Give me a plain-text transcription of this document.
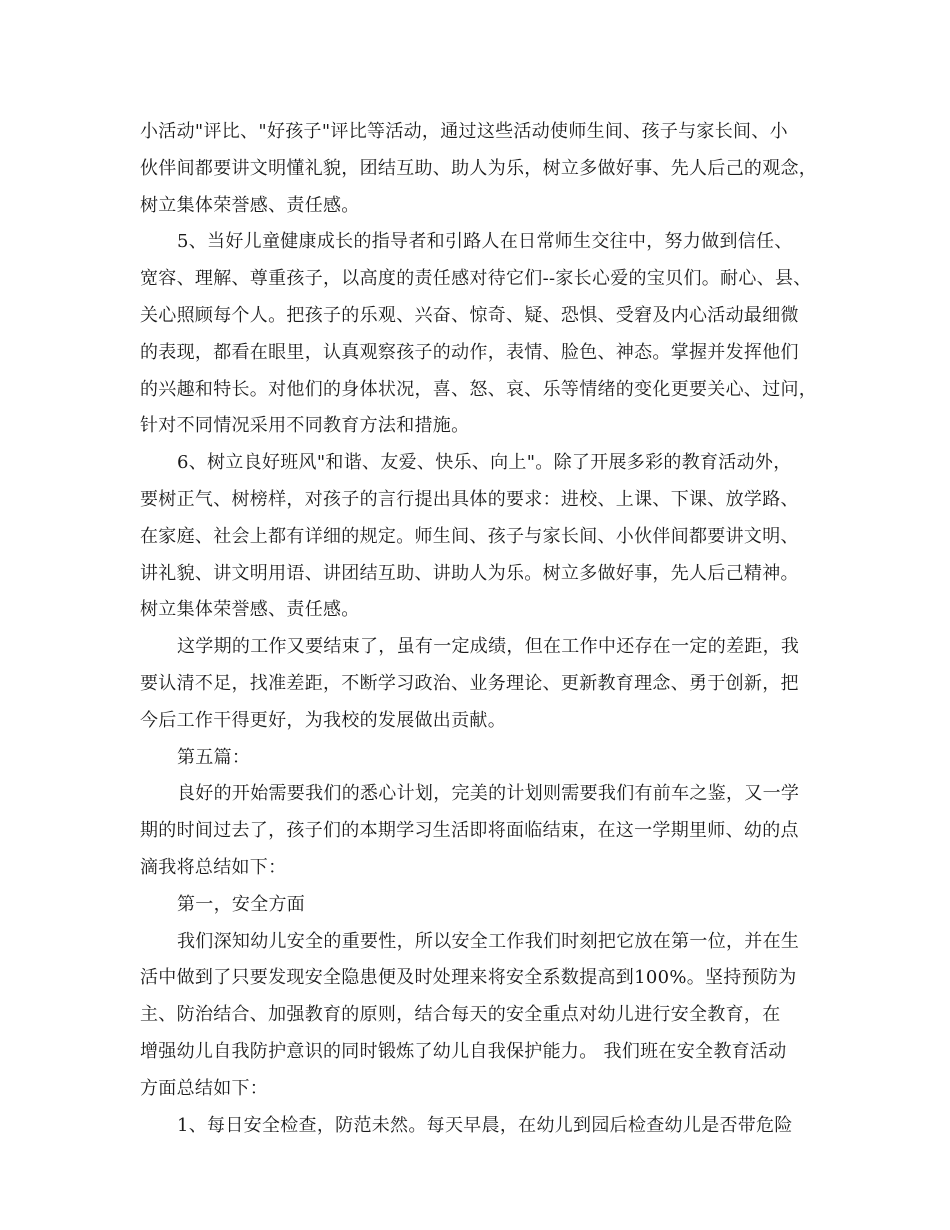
小活动"评比、"好孩子"评比等活动，通过这些活动使师生间、孩子与家长间、小
伙伴间都要讲文明懂礼貌，团结互助、助人为乐，树立多做好事、先人后己的观念，
树立集体荣誉感、责任感。
5、当好儿童健康成长的指导者和引路人在日常师生交往中，努力做到信任、
宽容、理解、尊重孩子，以高度的责任感对待它们--家长心爱的宝贝们。耐心、县、
关心照顾每个人。把孩子的乐观、兴奋、惊奇、疑、恐惧、受窘及内心活动最细微
的表现，都看在眼里，认真观察孩子的动作，表情、脸色、神态。掌握并发挥他们
的兴趣和特长。对他们的身体状况，喜、怒、哀、乐等情绪的变化更要关心、过问，
针对不同情况采用不同教育方法和措施。
6、树立良好班风"和谐、友爱、快乐、向上"。除了开展多彩的教育活动外，
要树正气、树榜样，对孩子的言行提出具体的要求：进校、上课、下课、放学路、
在家庭、社会上都有详细的规定。师生间、孩子与家长间、小伙伴间都要讲文明、
讲礼貌、讲文明用语、讲团结互助、讲助人为乐。树立多做好事，先人后己精神。
树立集体荣誉感、责任感。
这学期的工作又要结束了，虽有一定成绩，但在工作中还存在一定的差距，我
要认清不足，找准差距，不断学习政治、业务理论、更新教育理念、勇于创新，把
今后工作干得更好，为我校的发展做出贡献。
第五篇：
良好的开始需要我们的悉心计划，完美的计划则需要我们有前车之鉴，又一学
期的时间过去了，孩子们的本期学习生活即将面临结束，在这一学期里师、幼的点
滴我将总结如下：
第一，安全方面
我们深知幼儿安全的重要性，所以安全工作我们时刻把它放在第一位，并在生
活中做到了只要发现安全隐患便及时处理来将安全系数提高到100%。坚持预防为
主、防治结合、加强教育的原则，结合每天的安全重点对幼儿进行安全教育，在
增强幼儿自我防护意识的同时锻炼了幼儿自我保护能力。 我们班在安全教育活动
方面总结如下：
1、每日安全检查，防范未然。每天早晨，在幼儿到园后检查幼儿是否带危险
